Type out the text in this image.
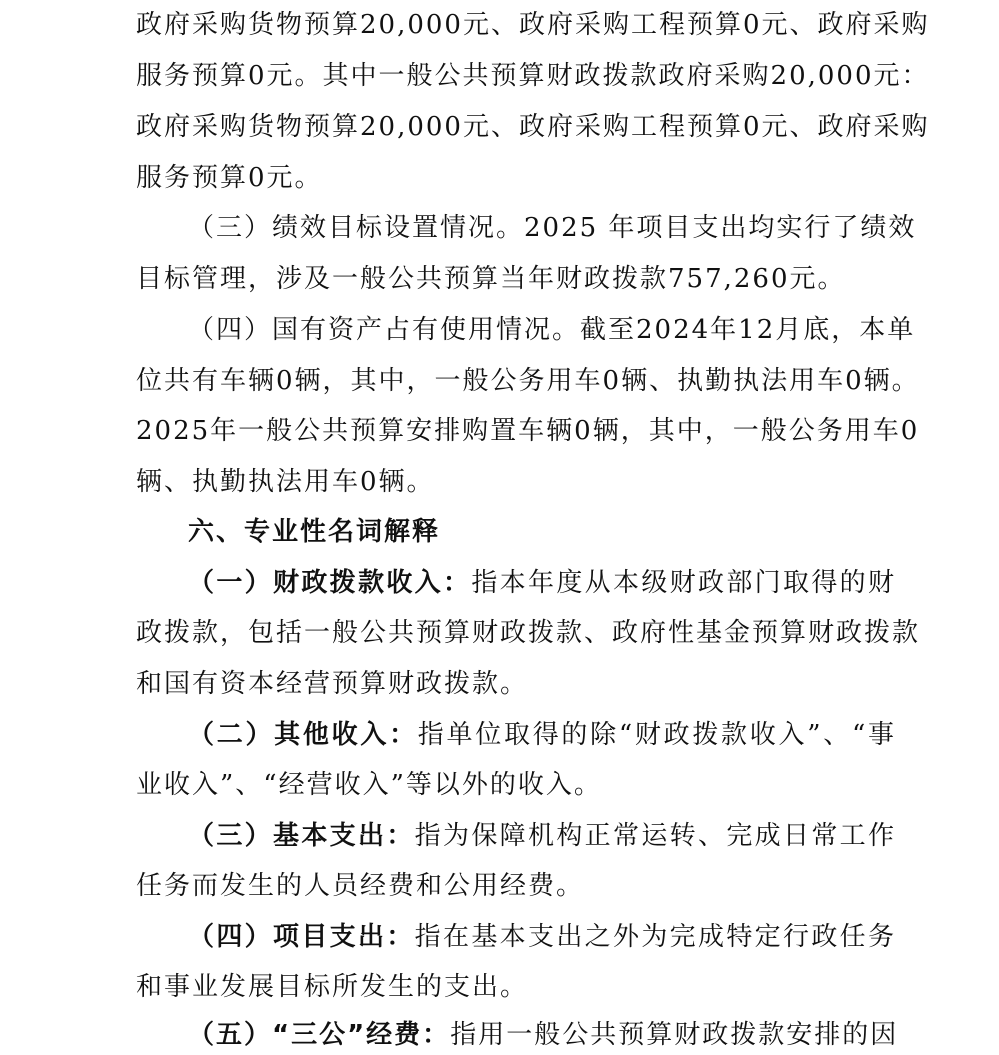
政府采购货物预算20,000元、政府采购工程预算0元、政府采购
服务预算0元。其中一般公共预算财政拨款政府采购20,000元：
政府采购货物预算20,000元、政府采购工程预算0元、政府采购
服务预算0元。
（三）绩效目标设置情况。2025 年项目支出均实行了绩效
目标管理，涉及一般公共预算当年财政拨款757,260元。
（四）国有资产占有使用情况。截至2024年12月底，本单
位共有车辆0辆，其中，一般公务用车0辆、执勤执法用车0辆。
2025年一般公共预算安排购置车辆0辆，其中，一般公务用车0
辆、执勤执法用车0辆。
六、专业性名词解释
（一）财政拨款收入：指本年度从本级财政部门取得的财
政拨款，包括一般公共预算财政拨款、政府性基金预算财政拨款
和国有资本经营预算财政拨款。
（二）其他收入：指单位取得的除“财政拨款收入”、“事
业收入”、“经营收入”等以外的收入。
（三）基本支出：指为保障机构正常运转、完成日常工作
任务而发生的人员经费和公用经费。
（四）项目支出：指在基本支出之外为完成特定行政任务
和事业发展目标所发生的支出。
（五）“三公”经费：指用一般公共预算财政拨款安排的因
